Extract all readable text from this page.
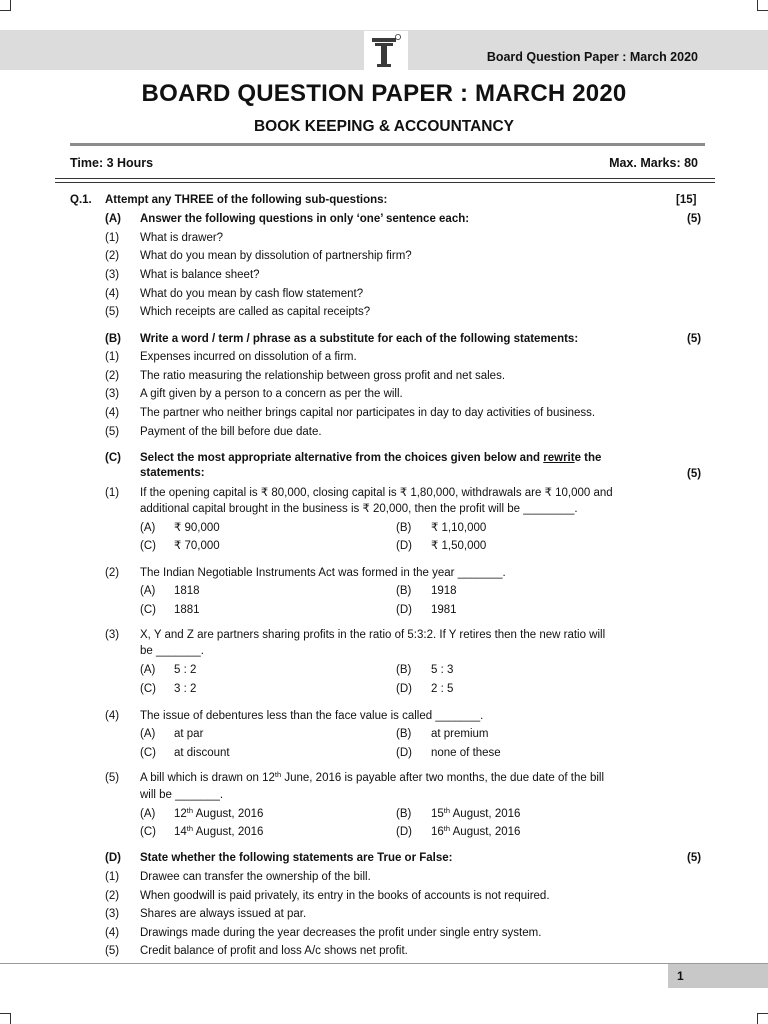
Board Question Paper : March 2020
BOARD QUESTION PAPER : MARCH 2020
BOOK KEEPING & ACCOUNTANCY
Time: 3 Hours	Max. Marks: 80
Q.1. Attempt any THREE of the following sub-questions:	[15]
(A) Answer the following questions in only ‘one’ sentence each:	(5)
(1) What is drawer?
(2) What do you mean by dissolution of partnership firm?
(3) What is balance sheet?
(4) What do you mean by cash flow statement?
(5) Which receipts are called as capital receipts?
(B) Write a word / term / phrase as a substitute for each of the following statements:	(5)
(1) Expenses incurred on dissolution of a firm.
(2) The ratio measuring the relationship between gross profit and net sales.
(3) A gift given by a person to a concern as per the will.
(4) The partner who neither brings capital nor participates in day to day activities of business.
(5) Payment of the bill before due date.
(C) Select the most appropriate alternative from the choices given below and rewrite the
statements:	(5)
(1) If the opening capital is ₹ 80,000, closing capital is ₹ 1,80,000, withdrawals are ₹ 10,000 and
additional capital brought in the business is ₹ 20,000, then the profit will be ________.
(A) ₹ 90,000	(B) ₹ 1,10,000
(C) ₹ 70,000	(D) ₹ 1,50,000
(2) The Indian Negotiable Instruments Act was formed in the year _______.
(A) 1818	(B) 1918
(C) 1881	(D) 1981
(3) X, Y and Z are partners sharing profits in the ratio of 5:3:2. If Y retires then the new ratio will
be _______.
(A) 5 : 2	(B) 5 : 3
(C) 3 : 2	(D) 2 : 5
(4) The issue of debentures less than the face value is called _______.
(A) at par	(B) at premium
(C) at discount	(D) none of these
(5) A bill which is drawn on 12th June, 2016 is payable after two months, the due date of the bill
will be _______.
(A) 12th August, 2016	(B) 15th August, 2016
(C) 14th August, 2016	(D) 16th August, 2016
(D) State whether the following statements are True or False:	(5)
(1) Drawee can transfer the ownership of the bill.
(2) When goodwill is paid privately, its entry in the books of accounts is not required.
(3) Shares are always issued at par.
(4) Drawings made during the year decreases the profit under single entry system.
(5) Credit balance of profit and loss A/c shows net profit.
1
